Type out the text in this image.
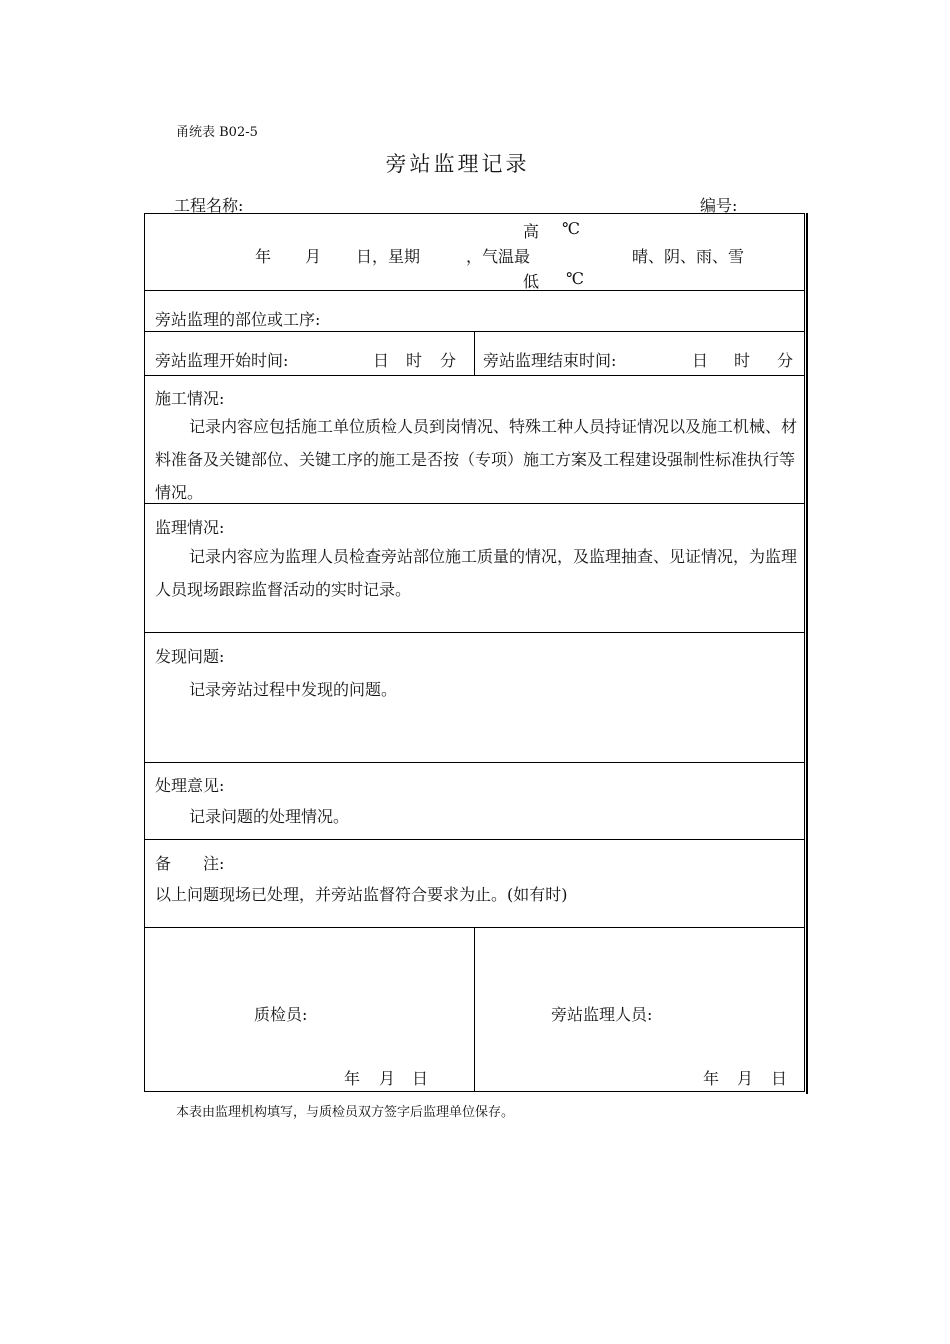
甬统表 B02-5
旁站监理记录
工程名称:	编号:
年 月 日，星期	，气温最
高 ℃
低 ℃
晴、阴、雨、雪
旁站监理的部位或工序:
旁站监理开始时间:	日 时 分 旁站监理结束时间:	日 时 分
施工情况:
记录内容应包括施工单位质检人员到岗情况、特殊工种人员持证情况以及施工机械、材料准备及关键部位、关键工序的施工是否按（专项）施工方案及工程建设强制性标准执行等情况。
监理情况:
记录内容应为监理人员检查旁站部位施工质量的情况，及监理抽查、见证情况，为监理人员现场跟踪监督活动的实时记录。
发现问题:
记录旁站过程中发现的问题。
处理意见:
记录问题的处理情况。
备　　注:
以上问题现场已处理，并旁站监督符合要求为止。(如有时)
质检员:
年 月 日
旁站监理人员:
年 月 日
本表由监理机构填写，与质检员双方签字后监理单位保存。
